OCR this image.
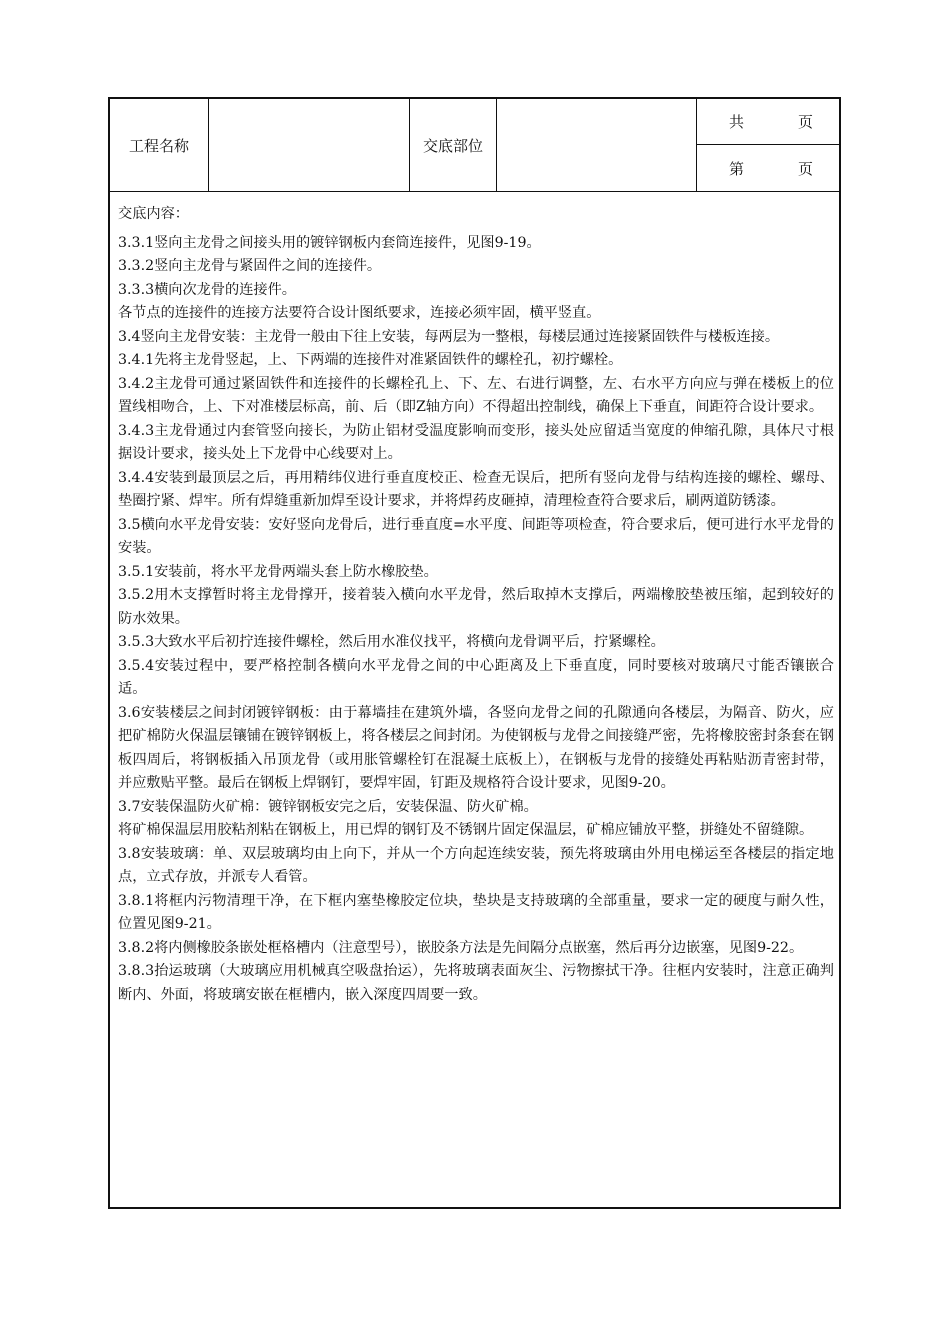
工程名称	交底部位
共	页
第	页

交底内容：

3.3.1竖向主龙骨之间接头用的镀锌钢板内套筒连接件，见图9-19。

3.3.2竖向主龙骨与紧固件之间的连接件。

3.3.3横向次龙骨的连接件。

各节点的连接件的连接方法要符合设计图纸要求，连接必须牢固，横平竖直。

3.4竖向主龙骨安装：主龙骨一般由下往上安装，每两层为一整根，每楼层通过连接紧固铁件与楼板连接。

3.4.1先将主龙骨竖起，上、下两端的连接件对准紧固铁件的螺栓孔，初拧螺栓。

3.4.2主龙骨可通过紧固铁件和连接件的长螺栓孔上、下、左、右进行调整，左、右水平方向应与弹在楼板上的位置线相吻合，上、下对准楼层标高，前、后（即Z轴方向）不得超出控制线，确保上下垂直，间距符合设计要求。

3.4.3主龙骨通过内套管竖向接长，为防止铝材受温度影响而变形，接头处应留适当宽度的伸缩孔隙，具体尺寸根据设计要求，接头处上下龙骨中心线要对上。

3.4.4安装到最顶层之后，再用精纬仪进行垂直度校正、检查无误后，把所有竖向龙骨与结构连接的螺栓、螺母、垫圈拧紧、焊牢。所有焊缝重新加焊至设计要求，并将焊药皮砸掉，清理检查符合要求后，刷两道防锈漆。

3.5横向水平龙骨安装：安好竖向龙骨后，进行垂直度=水平度、间距等项检查，符合要求后，便可进行水平龙骨的安装。

3.5.1安装前，将水平龙骨两端头套上防水橡胶垫。

3.5.2用木支撑暂时将主龙骨撑开，接着装入横向水平龙骨，然后取掉木支撑后，两端橡胶垫被压缩，起到较好的防水效果。

3.5.3大致水平后初拧连接件螺栓，然后用水准仪找平，将横向龙骨调平后，拧紧螺栓。

3.5.4安装过程中，要严格控制各横向水平龙骨之间的中心距离及上下垂直度，同时要核对玻璃尺寸能否镶嵌合适。

3.6安装楼层之间封闭镀锌钢板：由于幕墙挂在建筑外墙，各竖向龙骨之间的孔隙通向各楼层，为隔音、防火，应把矿棉防火保温层镶铺在镀锌钢板上，将各楼层之间封闭。为使钢板与龙骨之间接缝严密，先将橡胶密封条套在钢板四周后，将钢板插入吊顶龙骨（或用胀管螺栓钉在混凝土底板上），在钢板与龙骨的接缝处再粘贴沥青密封带，并应敷贴平整。最后在钢板上焊钢钉，要焊牢固，钉距及规格符合设计要求，见图9-20。

3.7安装保温防火矿棉：镀锌钢板安完之后，安装保温、防火矿棉。

将矿棉保温层用胶粘剂粘在钢板上，用已焊的钢钉及不锈钢片固定保温层，矿棉应铺放平整，拼缝处不留缝隙。

3.8安装玻璃：单、双层玻璃均由上向下，并从一个方向起连续安装，预先将玻璃由外用电梯运至各楼层的指定地点，立式存放，并派专人看管。

3.8.1将框内污物清理干净，在下框内塞垫橡胶定位块，垫块是支持玻璃的全部重量，要求一定的硬度与耐久性，位置见图9-21。

3.8.2将内侧橡胶条嵌处框格槽内（注意型号），嵌胶条方法是先间隔分点嵌塞，然后再分边嵌塞，见图9-22。

3.8.3抬运玻璃（大玻璃应用机械真空吸盘抬运），先将玻璃表面灰尘、污物擦拭干净。往框内安装时，注意正确判断内、外面，将玻璃安嵌在框槽内，嵌入深度四周要一致。
